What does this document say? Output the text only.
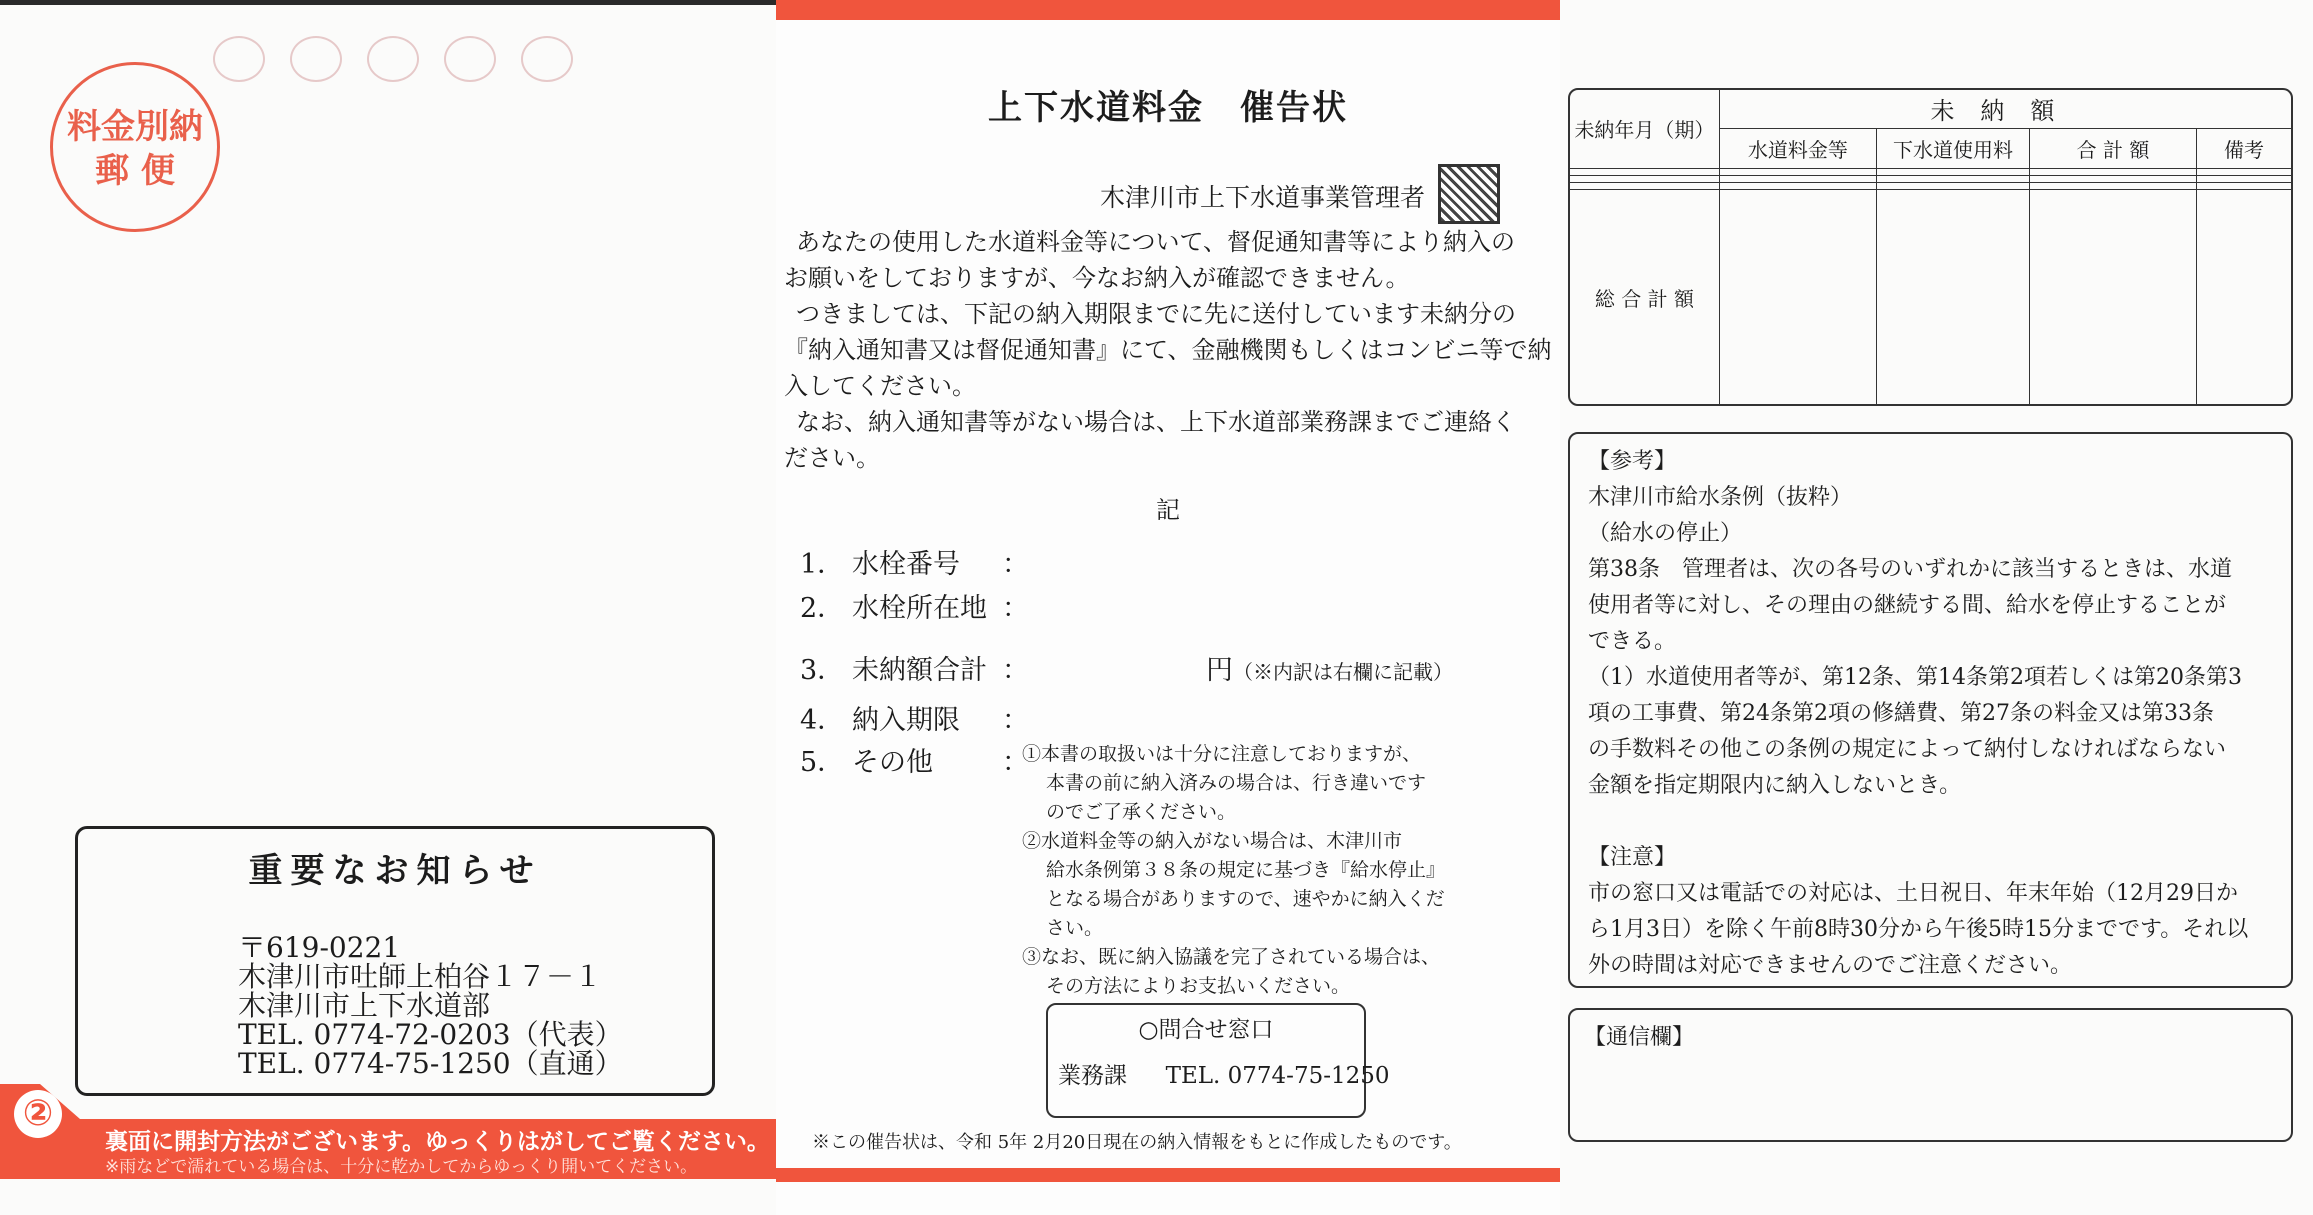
料金別納
郵 便
重要なお知らせ
〒619-0221
木津川市吐師上柏谷１７－１
木津川市上下水道部
TEL. 0774-72-0203（代表）
TEL. 0774-75-1250（直通）
②
裏面に開封方法がございます。ゆっくりはがしてご覧ください。
※雨などで濡れている場合は、十分に乾かしてからゆっくり開いてください。
上下水道料金　催告状
木津川市上下水道事業管理者

あなたの使用した水道料金等について、督促通知書等により納入の

お願いをしておりますが、今なお納入が確認できません。

つきましては、下記の納入期限までに先に送付しています未納分の

『納入通知書又は督促通知書』にて、金融機関もしくはコンビニ等で納

入してください。

なお、納入通知書等がない場合は、上下水道部業務課までご連絡く

ださい。

記
1． 水栓番号 ：
2． 水栓所在地 ：
3． 未納額合計 ：	円（※内訳は右欄に記載）
4． 納入期限 ：
5． その他	：
①本書の取扱いは十分に注意しておりますが、
本書の前に納入済みの場合は、行き違いです
のでご了承ください。
②水道料金等の納入がない場合は、木津川市
給水条例第３８条の規定に基づき『給水停止』
となる場合がありますので、速やかに納入くだ
さい。
③なお、既に納入協議を完了されている場合は、
その方法によりお支払いください。
○問合せ窓口
業務課 TEL. 0774-75-1250
※この催告状は、令和 5年 2月20日現在の納入情報をもとに作成したものです。
未納年月（期）	未納額			
	水道料金等	下水道使用料	合 計 額	備考

総 合 計 額				
【参考】
木津川市給水条例（抜粋）
（給水の停止）
第38条　管理者は、次の各号のいずれかに該当するときは、水道
使用者等に対し、その理由の継続する間、給水を停止することが
できる。
（1）水道使用者等が、第12条、第14条第2項若しくは第20条第3
項の工事費、第24条第2項の修繕費、第27条の料金又は第33条
の手数料その他この条例の規定によって納付しなければならない
金額を指定期限内に納入しないとき。
【注意】
市の窓口又は電話での対応は、土日祝日、年末年始（12月29日か
ら1月3日）を除く午前8時30分から午後5時15分までです。それ以
外の時間は対応できませんのでご注意ください。
【通信欄】
